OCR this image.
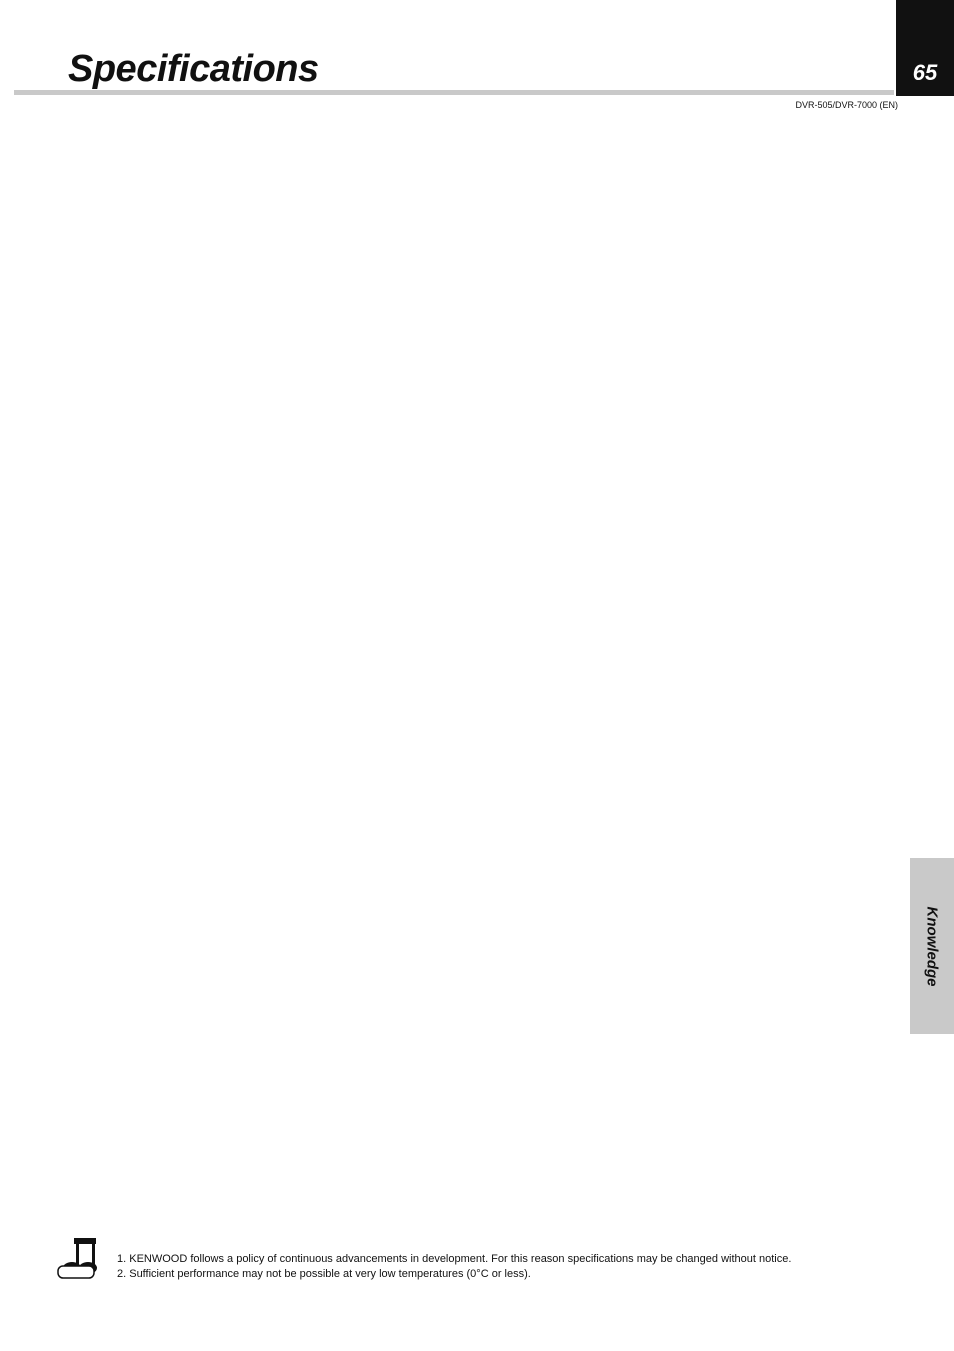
Specifications	65
DVR-505/DVR-7000 (EN)
Knowledge
1. KENWOOD follows a policy of continuous advancements in development. For this reason specifications may be changed without notice.
2. Sufficient performance may not be possible at very low temperatures (0°C or less).
